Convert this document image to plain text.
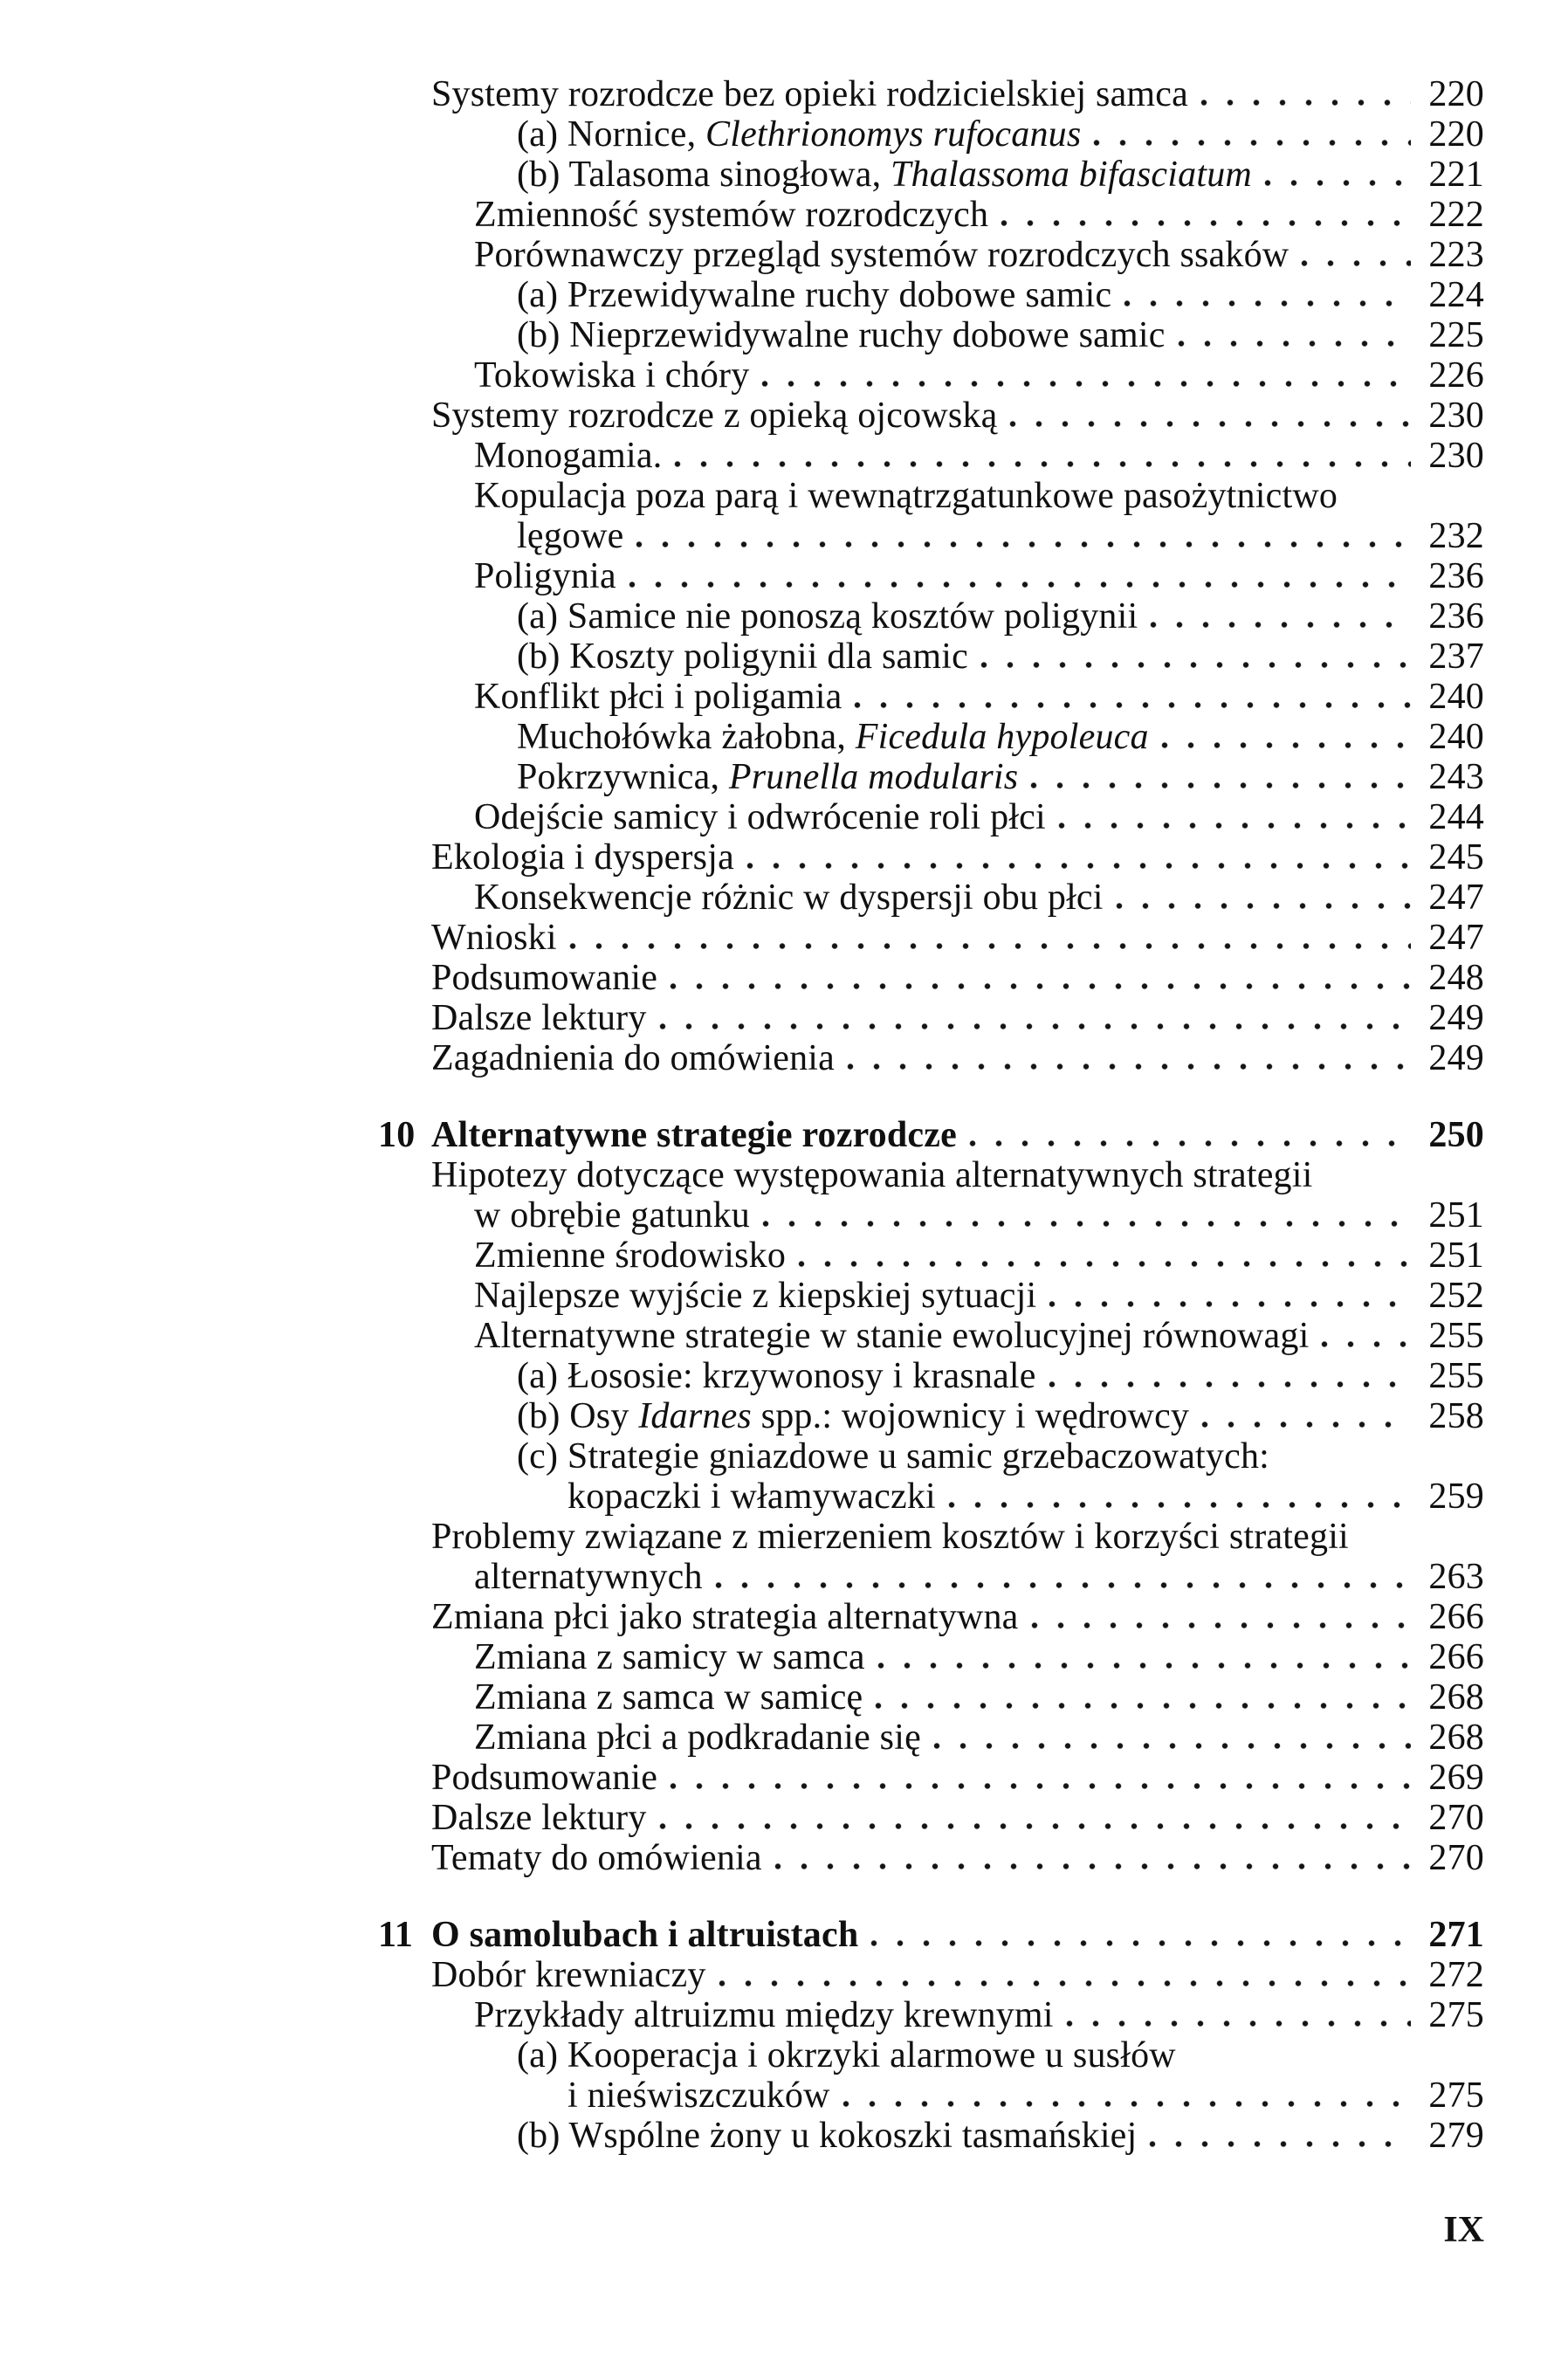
Systemy rozrodcze bez opieki rodzicielskiej samca	220
(a) Nornice, Clethrionomys rufocanus	220
(b) Talasoma sinogłowa, Thalassoma bifasciatum	221
Zmienność systemów rozrodczych	222
Porównawczy przegląd systemów rozrodczych ssaków	223
(a) Przewidywalne ruchy dobowe samic	224
(b) Nieprzewidywalne ruchy dobowe samic	225
Tokowiska i chóry	226
Systemy rozrodcze z opieką ojcowską	230
Monogamia.	230
Kopulacja poza parą i wewnątrzgatunkowe pasożytnictwo
lęgowe	232
Poligynia	236
(a) Samice nie ponoszą kosztów poligynii	236
(b) Koszty poligynii dla samic	237
Konflikt płci i poligamia	240
Muchołówka żałobna, Ficedula hypoleuca	240
Pokrzywnica, Prunella modularis	243
Odejście samicy i odwrócenie roli płci	244
Ekologia i dyspersja	245
Konsekwencje różnic w dyspersji obu płci	247
Wnioski	247
Podsumowanie	248
Dalsze lektury	249
Zagadnienia do omówienia	249
10 Alternatywne strategie rozrodcze	250
Hipotezy dotyczące występowania alternatywnych strategii
w obrębie gatunku	251
Zmienne środowisko	251
Najlepsze wyjście z kiepskiej sytuacji	252
Alternatywne strategie w stanie ewolucyjnej równowagi	255
(a) Łososie: krzywonosy i krasnale	255
(b) Osy Idarnes spp.: wojownicy i wędrowcy	258
(c) Strategie gniazdowe u samic grzebaczowatych:
kopaczki i włamywaczki	259
Problemy związane z mierzeniem kosztów i korzyści strategii
alternatywnych	263
Zmiana płci jako strategia alternatywna	266
Zmiana z samicy w samca	266
Zmiana z samca w samicę	268
Zmiana płci a podkradanie się	268
Podsumowanie	269
Dalsze lektury	270
Tematy do omówienia	270
11 O samolubach i altruistach	271
Dobór krewniaczy	272
Przykłady altruizmu między krewnymi	275
(a) Kooperacja i okrzyki alarmowe u susłów
i nieświszczuków	275
(b) Wspólne żony u kokoszki tasmańskiej	279
IX
